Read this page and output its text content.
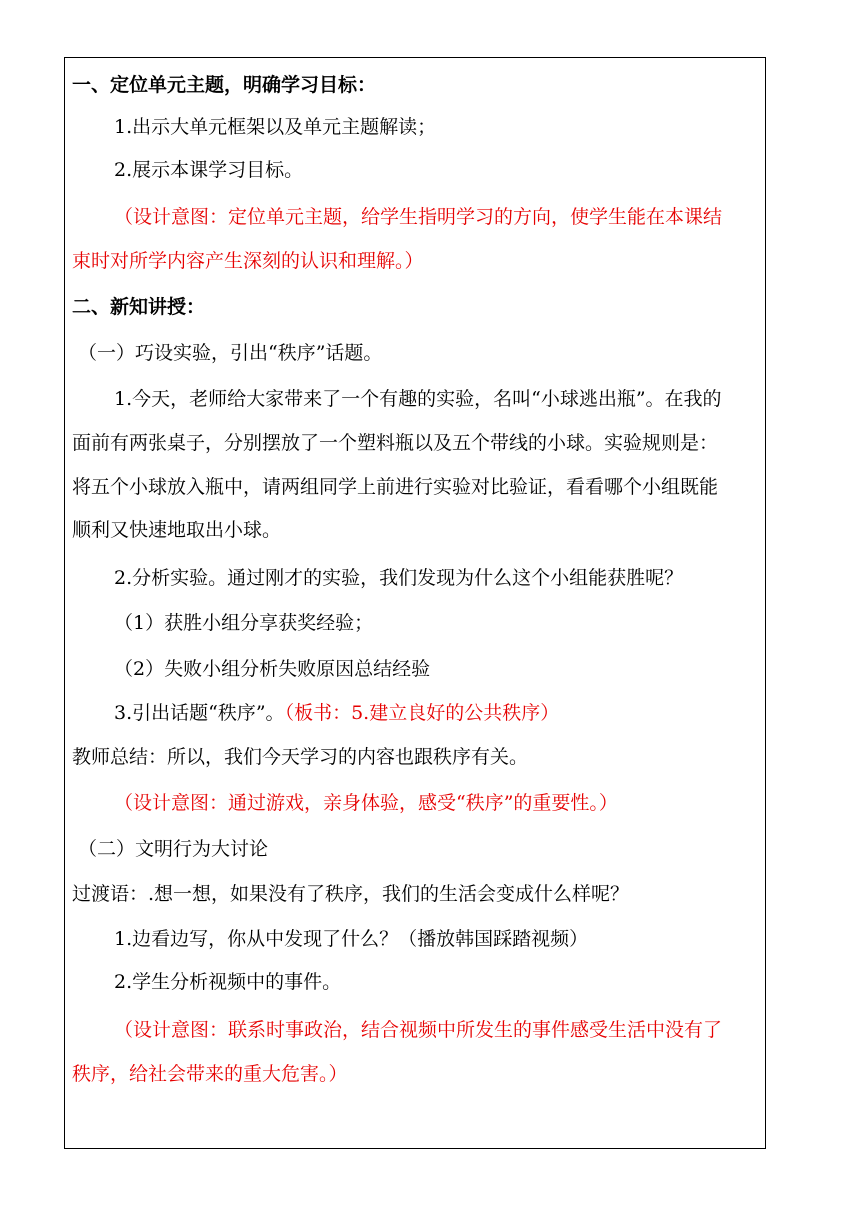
一、定位单元主题，明确学习目标：
1.出示大单元框架以及单元主题解读；
2.展示本课学习目标。
（设计意图：定位单元主题，给学生指明学习的方向，使学生能在本课结
束时对所学内容产生深刻的认识和理解。）
二、新知讲授：
（一）巧设实验，引出“秩序”话题。
1.今天，老师给大家带来了一个有趣的实验，名叫“小球逃出瓶”。在我的
面前有两张桌子，分别摆放了一个塑料瓶以及五个带线的小球。实验规则是：
将五个小球放入瓶中，请两组同学上前进行实验对比验证，看看哪个小组既能
顺利又快速地取出小球。
2.分析实验。通过刚才的实验，我们发现为什么这个小组能获胜呢？
（1）获胜小组分享获奖经验；
（2）失败小组分析失败原因总结经验
3.引出话题“秩序”。（板书：5.建立良好的公共秩序）
教师总结：所以，我们今天学习的内容也跟秩序有关。
（设计意图：通过游戏，亲身体验，感受“秩序”的重要性。）
（二）文明行为大讨论
过渡语：.想一想，如果没有了秩序，我们的生活会变成什么样呢？
1.边看边写，你从中发现了什么？（播放韩国踩踏视频）
2.学生分析视频中的事件。
（设计意图：联系时事政治，结合视频中所发生的事件感受生活中没有了
秩序，给社会带来的重大危害。）
